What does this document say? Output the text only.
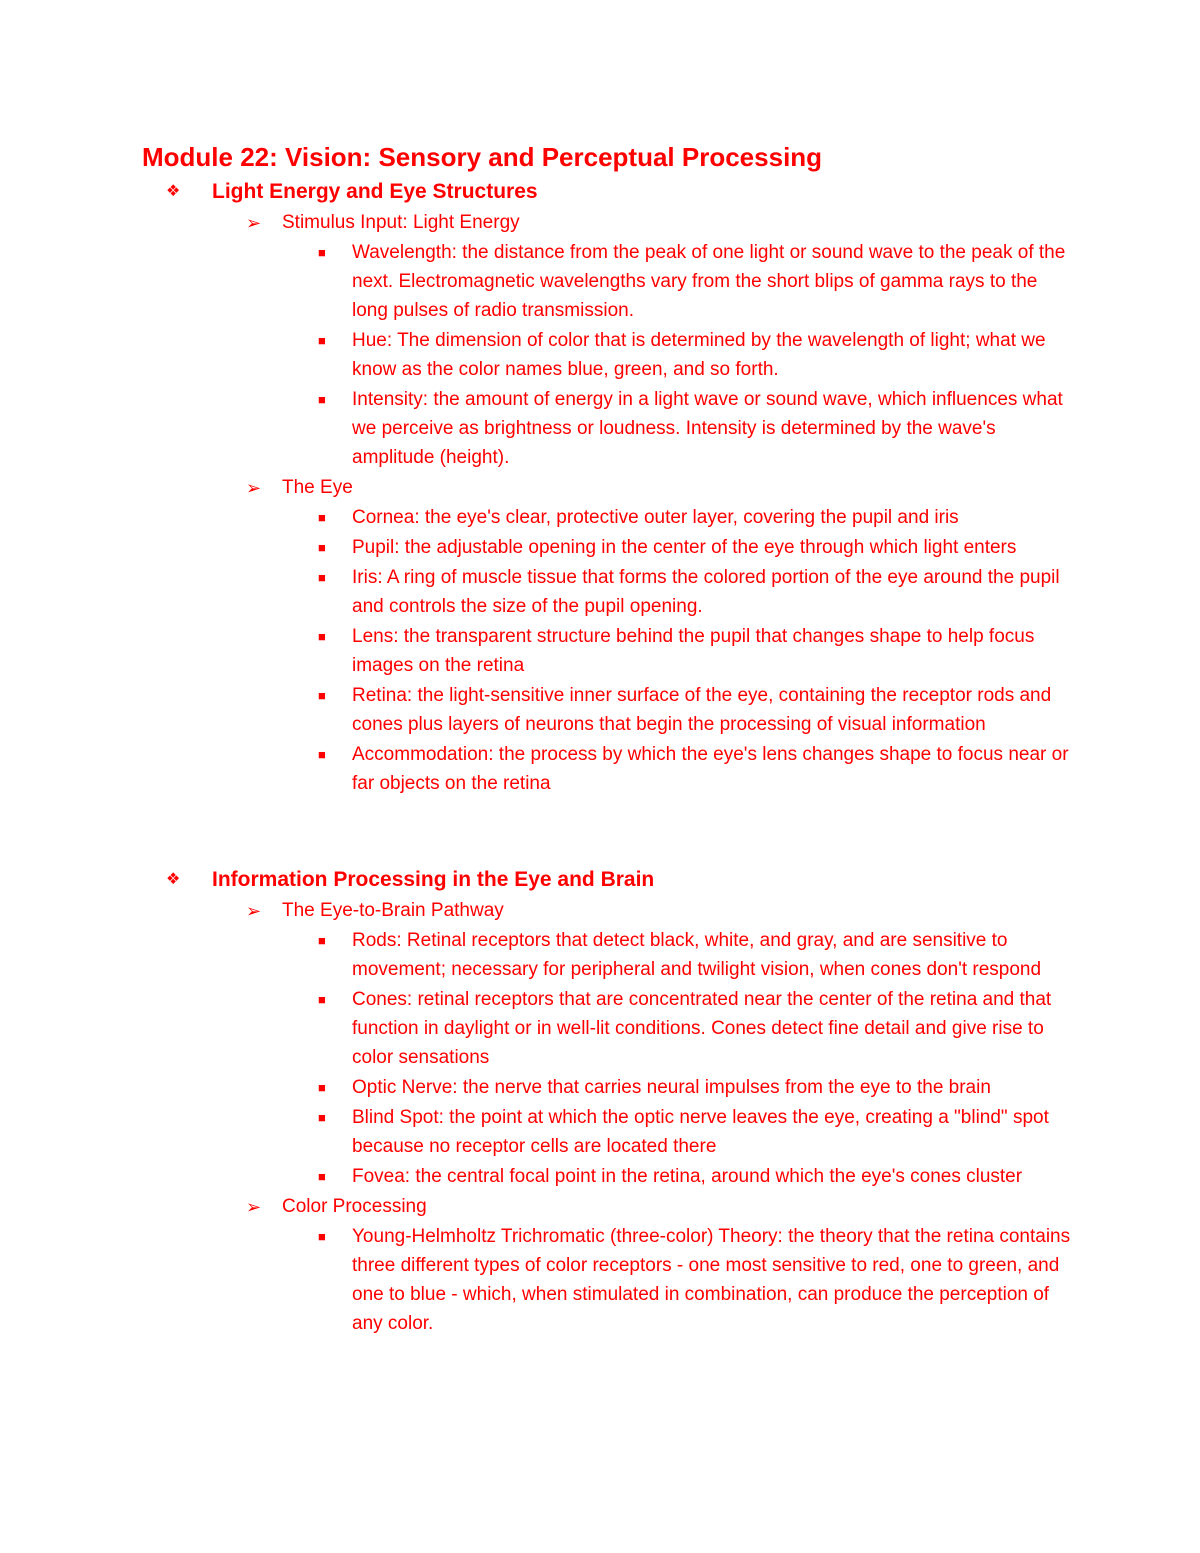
Module 22: Vision: Sensory and Perceptual Processing
❖ Light Energy and Eye Structures
➢ Stimulus Input: Light Energy
■ Wavelength: the distance from the peak of one light or sound wave to the peak of the next. Electromagnetic wavelengths vary from the short blips of gamma rays to the long pulses of radio transmission.
■ Hue: The dimension of color that is determined by the wavelength of light; what we know as the color names blue, green, and so forth.
■ Intensity: the amount of energy in a light wave or sound wave, which influences what we perceive as brightness or loudness. Intensity is determined by the wave's amplitude (height).
➢ The Eye
■ Cornea: the eye's clear, protective outer layer, covering the pupil and iris
■ Pupil: the adjustable opening in the center of the eye through which light enters
■ Iris: A ring of muscle tissue that forms the colored portion of the eye around the pupil and controls the size of the pupil opening.
■ Lens: the transparent structure behind the pupil that changes shape to help focus images on the retina
■ Retina: the light-sensitive inner surface of the eye, containing the receptor rods and cones plus layers of neurons that begin the processing of visual information
■ Accommodation: the process by which the eye's lens changes shape to focus near or far objects on the retina
❖ Information Processing in the Eye and Brain
➢ The Eye-to-Brain Pathway
■ Rods: Retinal receptors that detect black, white, and gray, and are sensitive to movement; necessary for peripheral and twilight vision, when cones don't respond
■ Cones: retinal receptors that are concentrated near the center of the retina and that function in daylight or in well-lit conditions. Cones detect fine detail and give rise to color sensations
■ Optic Nerve: the nerve that carries neural impulses from the eye to the brain
■ Blind Spot: the point at which the optic nerve leaves the eye, creating a "blind" spot because no receptor cells are located there
■ Fovea: the central focal point in the retina, around which the eye's cones cluster
➢ Color Processing
■ Young-Helmholtz Trichromatic (three-color) Theory: the theory that the retina contains three different types of color receptors - one most sensitive to red, one to green, and one to blue - which, when stimulated in combination, can produce the perception of any color.
